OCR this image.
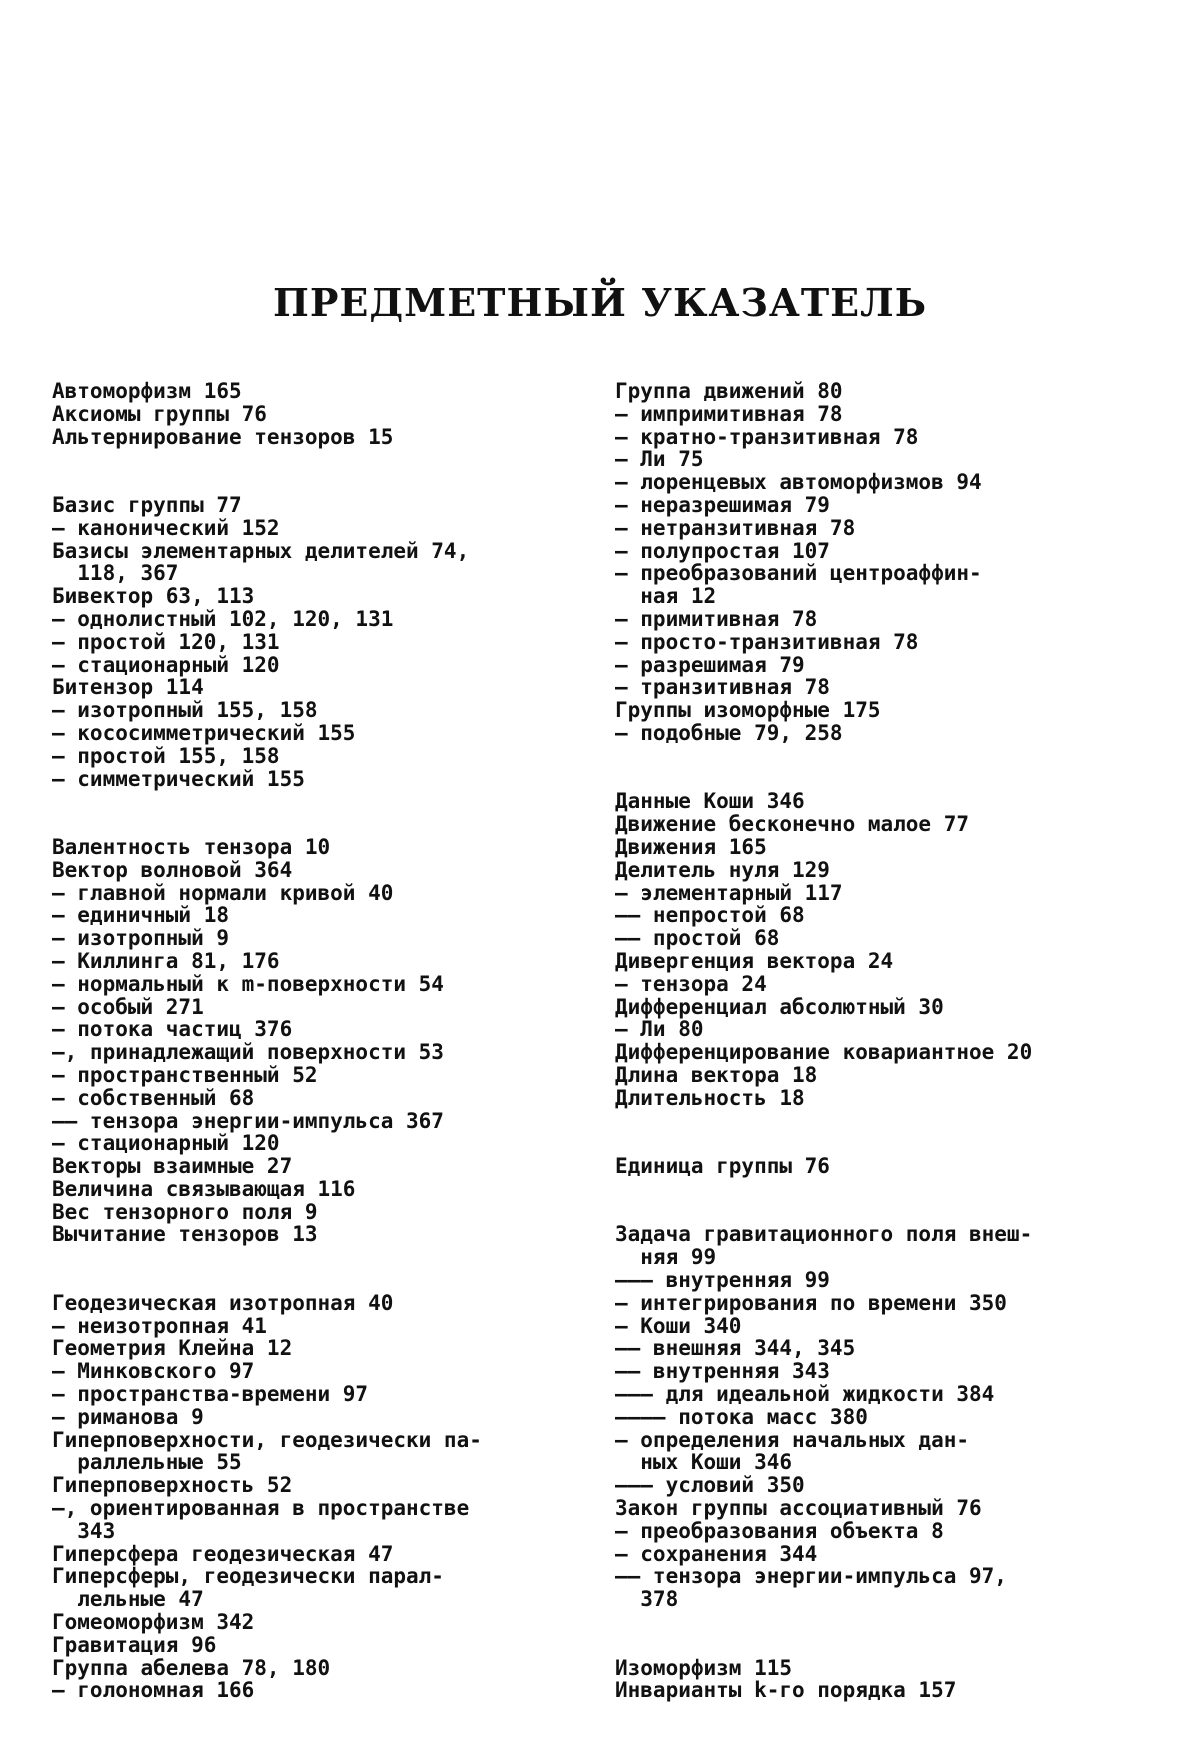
ПРЕДМЕТНЫЙ УКАЗАТЕЛЬ
Автоморфизм 165
Аксиомы группы 76
Альтернирование тензоров 15
Базис группы 77
— канонический 152
Базисы элементарных делителей 74,
118, 367
Бивектор 63, 113
— однолистный 102, 120, 131
— простой 120, 131
— стационарный 120
Битензор 114
— изотропный 155, 158
— кососимметрический 155
— простой 155, 158
— симметрический 155
Валентность тензора 10
Вектор волновой 364
— главной нормали кривой 40
— единичный 18
— изотропный 9
— Киллинга 81, 176
— нормальный к m-поверхности 54
— особый 271
— потока частиц 376
—, принадлежащий поверхности 53
— пространственный 52
— собственный 68
—— тензора энергии-импульса 367
— стационарный 120
Векторы взаимные 27
Величина связывающая 116
Вес тензорного поля 9
Вычитание тензоров 13
Геодезическая изотропная 40
— неизотропная 41
Геометрия Клейна 12
— Минковского 97
— пространства-времени 97
— риманова 9
Гиперповерхности, геодезически па-
раллельные 55
Гиперповерхность 52
—, ориентированная в пространстве
343
Гиперсфера геодезическая 47
Гиперсферы, геодезически парал-
лельные 47
Гомеоморфизм 342
Гравитация 96
Группа абелева 78, 180
— голономная 166
Группа движений 80
— импримитивная 78
— кратно-транзитивная 78
— Ли 75
— лоренцевых автоморфизмов 94
— неразрешимая 79
— нетранзитивная 78
— полупростая 107
— преобразований центроаффин-
ная 12
— примитивная 78
— просто-транзитивная 78
— разрешимая 79
— транзитивная 78
Группы изоморфные 175
— подобные 79, 258
Данные Коши 346
Движение бесконечно малое 77
Движения 165
Делитель нуля 129
— элементарный 117
—— непростой 68
—— простой 68
Дивергенция вектора 24
— тензора 24
Дифференциал абсолютный 30
— Ли 80
Дифференцирование ковариантное 20
Длина вектора 18
Длительность 18
Единица группы 76
Задача гравитационного поля внеш-
няя 99
——— внутренняя 99
— интегрирования по времени 350
— Коши 340
—— внешняя 344, 345
—— внутренняя 343
——— для идеальной жидкости 384
———— потока масс 380
— определения начальных дан-
ных Коши 346
——— условий 350
Закон группы ассоциативный 76
— преобразования объекта 8
— сохранения 344
—— тензора энергии-импульса 97,
378
Изоморфизм 115
Инварианты k-го порядка 157
